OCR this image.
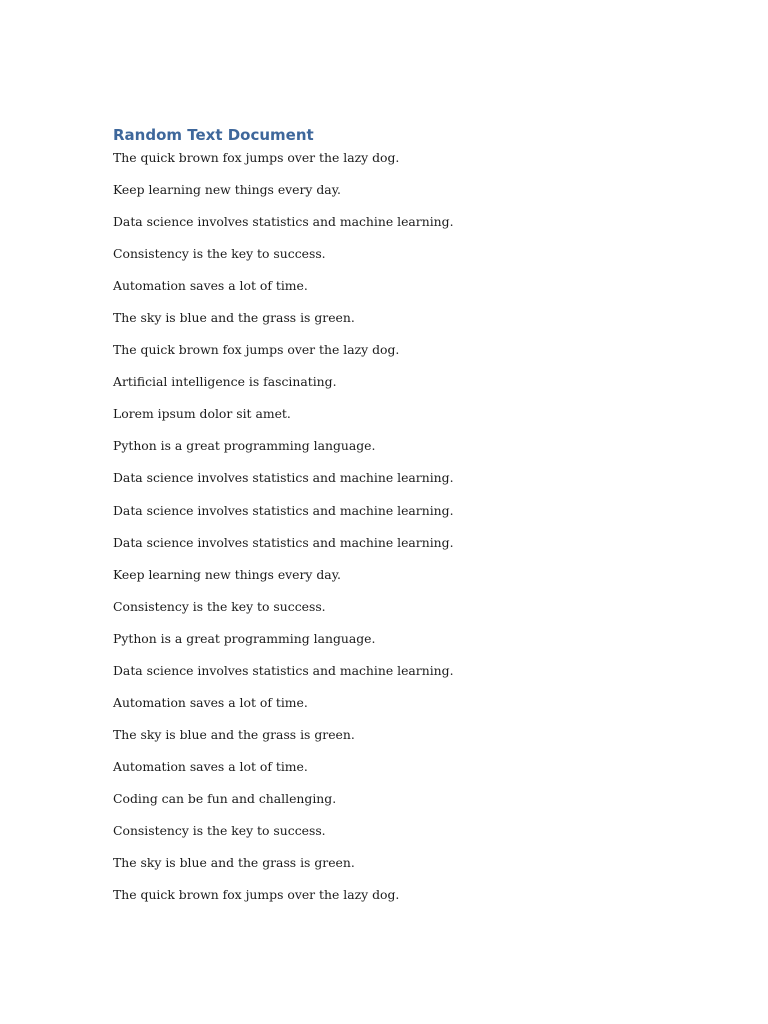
Random Text Document

The quick brown fox jumps over the lazy dog.

Keep learning new things every day.

Data science involves statistics and machine learning.

Consistency is the key to success.

Automation saves a lot of time.

The sky is blue and the grass is green.

The quick brown fox jumps over the lazy dog.

Artificial intelligence is fascinating.

Lorem ipsum dolor sit amet.

Python is a great programming language.

Data science involves statistics and machine learning.

Data science involves statistics and machine learning.

Data science involves statistics and machine learning.

Keep learning new things every day.

Consistency is the key to success.

Python is a great programming language.

Data science involves statistics and machine learning.

Automation saves a lot of time.

The sky is blue and the grass is green.

Automation saves a lot of time.

Coding can be fun and challenging.

Consistency is the key to success.

The sky is blue and the grass is green.

The quick brown fox jumps over the lazy dog.
